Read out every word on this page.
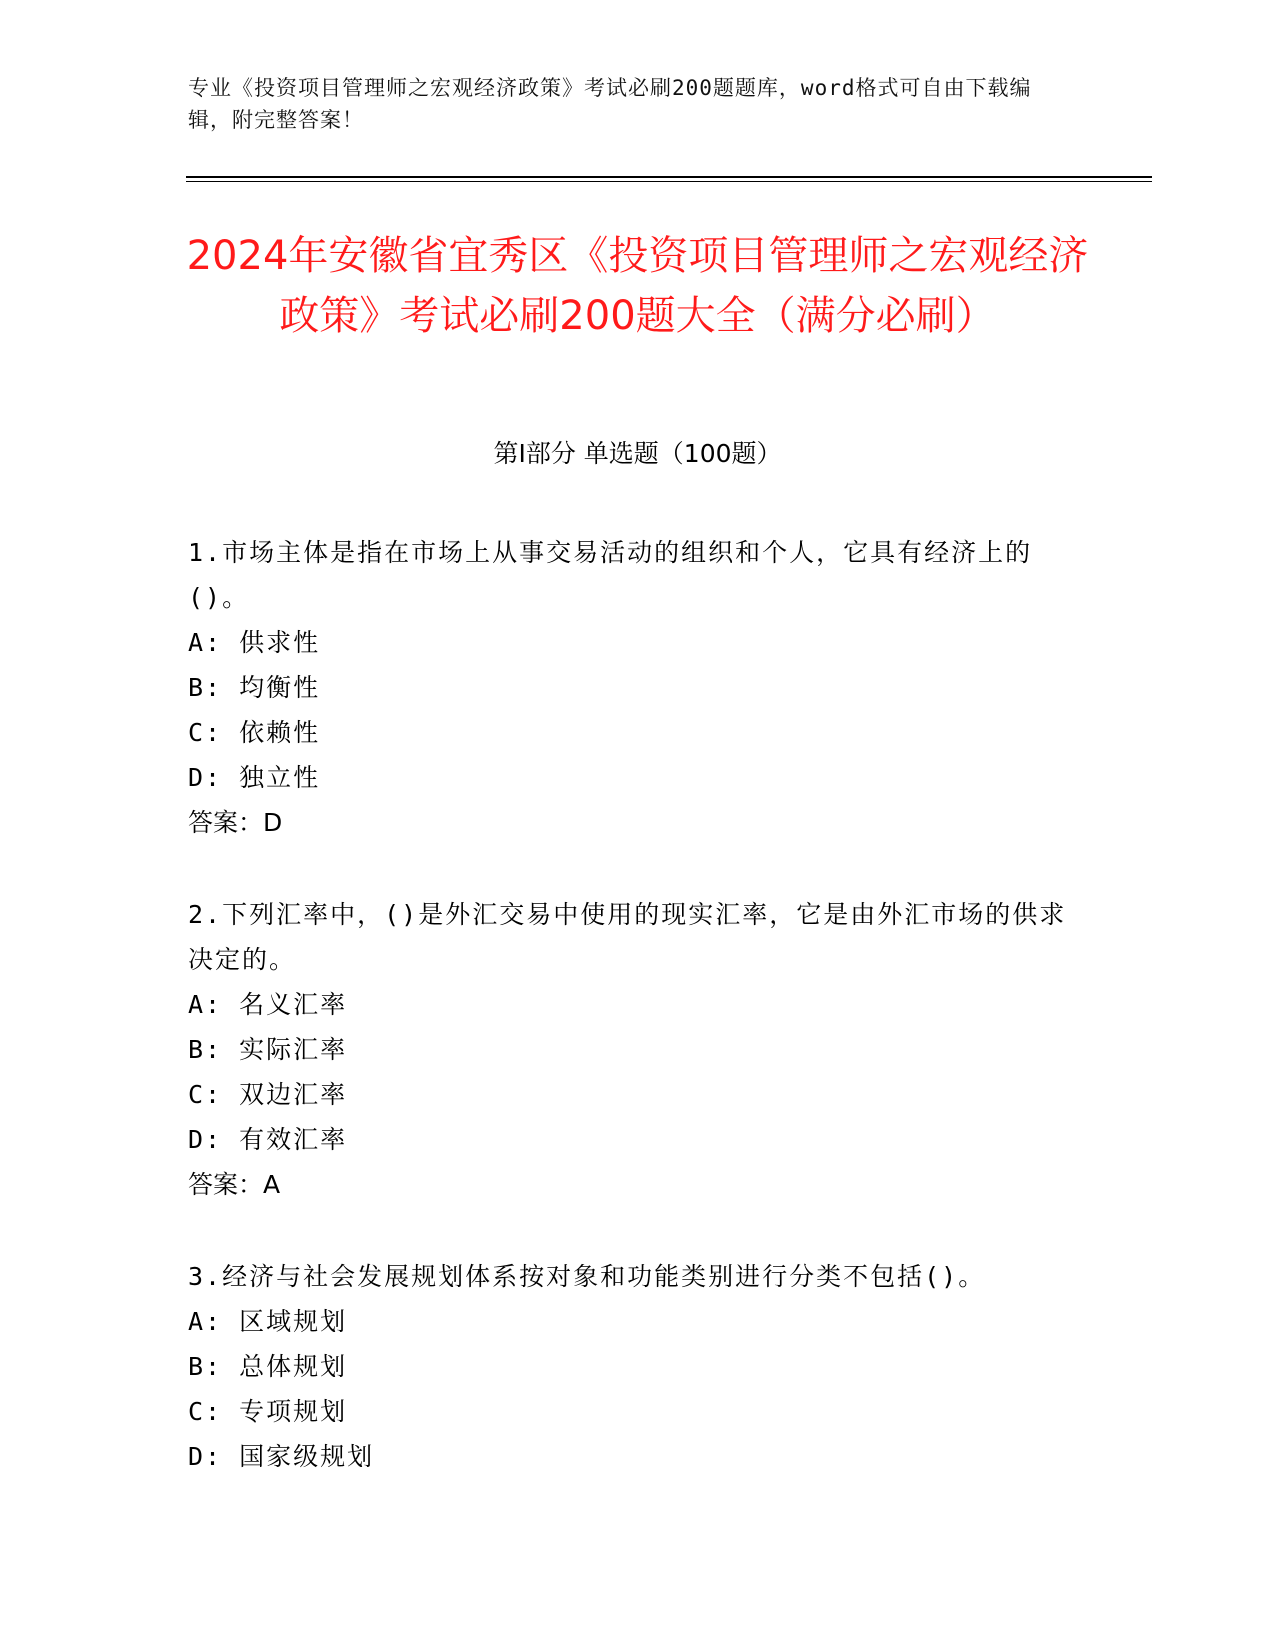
专业《投资项目管理师之宏观经济政策》考试必刷200题题库，word格式可自由下载编辑，附完整答案！
2024年安徽省宜秀区《投资项目管理师之宏观经济政策》考试必刷200题大全（满分必刷）
第Ⅰ部分 单选题（100题）

1.市场主体是指在市场上从事交易活动的组织和个人，它具有经济上的()。

A: 供求性

B: 均衡性

C: 依赖性

D: 独立性

答案：D

2.下列汇率中，()是外汇交易中使用的现实汇率，它是由外汇市场的供求决定的。

A: 名义汇率

B: 实际汇率

C: 双边汇率

D: 有效汇率

答案：A

3.经济与社会发展规划体系按对象和功能类别进行分类不包括()。

A: 区域规划

B: 总体规划

C: 专项规划

D: 国家级规划
